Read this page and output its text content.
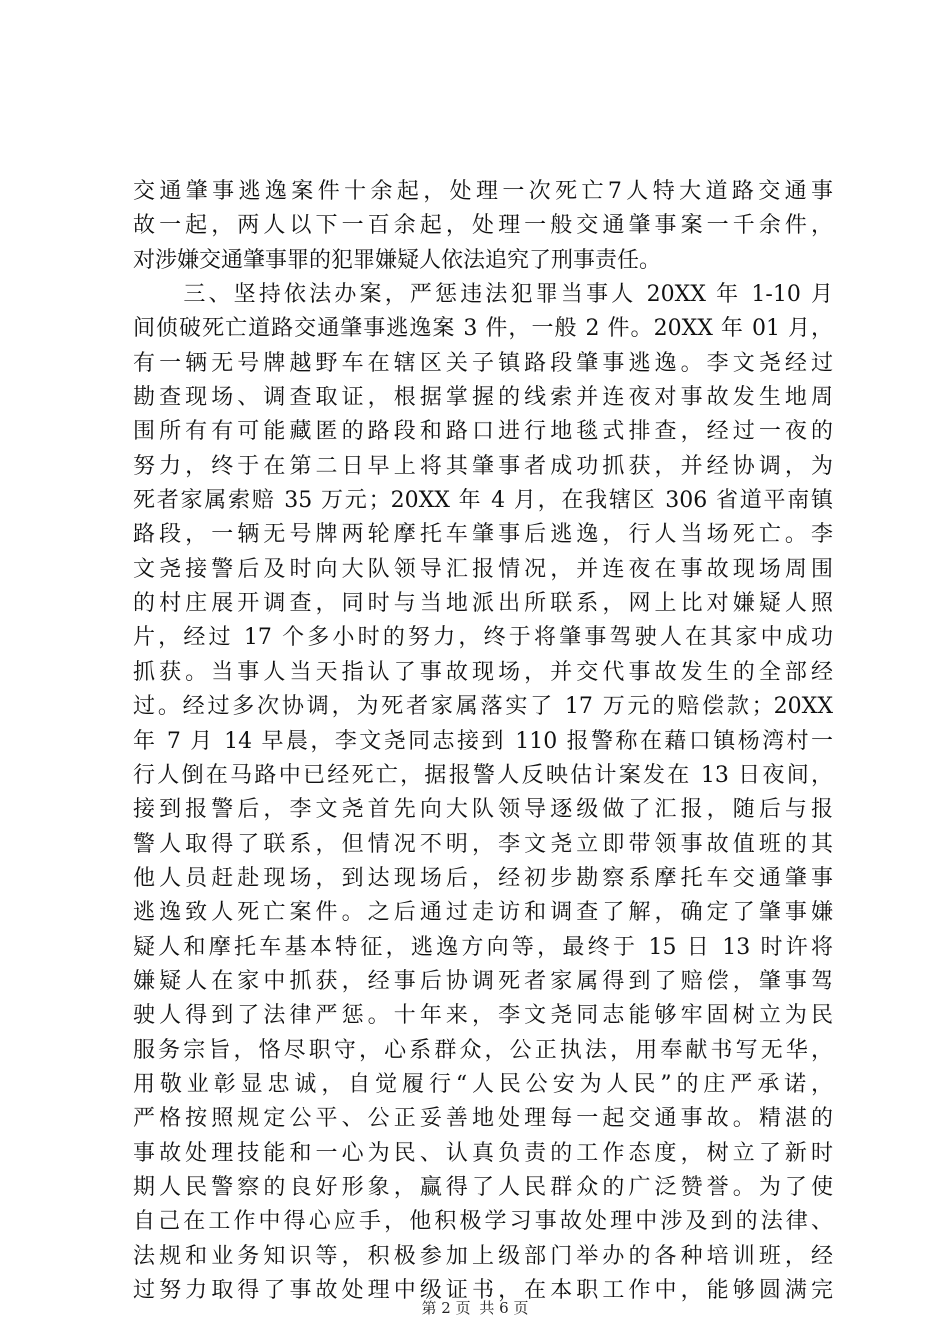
交通肇事逃逸案件十余起，处理一次死亡7人特大道路交通事
故一起，两人以下一百余起，处理一般交通肇事案一千余件，
对涉嫌交通肇事罪的犯罪嫌疑人依法追究了刑事责任。
　　三、坚持依法办案，严惩违法犯罪当事人 20XX 年 1-10 月
间侦破死亡道路交通肇事逃逸案 3 件，一般 2 件。20XX 年 01 月，
有一辆无号牌越野车在辖区关子镇路段肇事逃逸。李文尧经过
勘查现场、调查取证，根据掌握的线索并连夜对事故发生地周
围所有有可能藏匿的路段和路口进行地毯式排查，经过一夜的
努力，终于在第二日早上将其肇事者成功抓获，并经协调，为
死者家属索赔 35 万元；20XX 年 4 月，在我辖区 306 省道平南镇
路段，一辆无号牌两轮摩托车肇事后逃逸，行人当场死亡。李
文尧接警后及时向大队领导汇报情况，并连夜在事故现场周围
的村庄展开调查，同时与当地派出所联系，网上比对嫌疑人照
片，经过 17 个多小时的努力，终于将肇事驾驶人在其家中成功
抓获。当事人当天指认了事故现场，并交代事故发生的全部经
过。经过多次协调，为死者家属落实了 17 万元的赔偿款；20XX
年 7 月 14 早晨，李文尧同志接到 110 报警称在藉口镇杨湾村一
行人倒在马路中已经死亡，据报警人反映估计案发在 13 日夜间，
接到报警后，李文尧首先向大队领导逐级做了汇报，随后与报
警人取得了联系，但情况不明，李文尧立即带领事故值班的其
他人员赶赴现场，到达现场后，经初步勘察系摩托车交通肇事
逃逸致人死亡案件。之后通过走访和调查了解，确定了肇事嫌
疑人和摩托车基本特征，逃逸方向等，最终于 15 日 13 时许将
嫌疑人在家中抓获，经事后协调死者家属得到了赔偿，肇事驾
驶人得到了法律严惩。十年来，李文尧同志能够牢固树立为民
服务宗旨，恪尽职守，心系群众，公正执法，用奉献书写无华，
用敬业彰显忠诚，自觉履行“人民公安为人民”的庄严承诺，
严格按照规定公平、公正妥善地处理每一起交通事故。精湛的
事故处理技能和一心为民、认真负责的工作态度，树立了新时
期人民警察的良好形象，赢得了人民群众的广泛赞誉。为了使
自己在工作中得心应手，他积极学习事故处理中涉及到的法律、
法规和业务知识等，积极参加上级部门举办的各种培训班，经
过努力取得了事故处理中级证书，在本职工作中，能够圆满完
第 2 页 共 6 页
